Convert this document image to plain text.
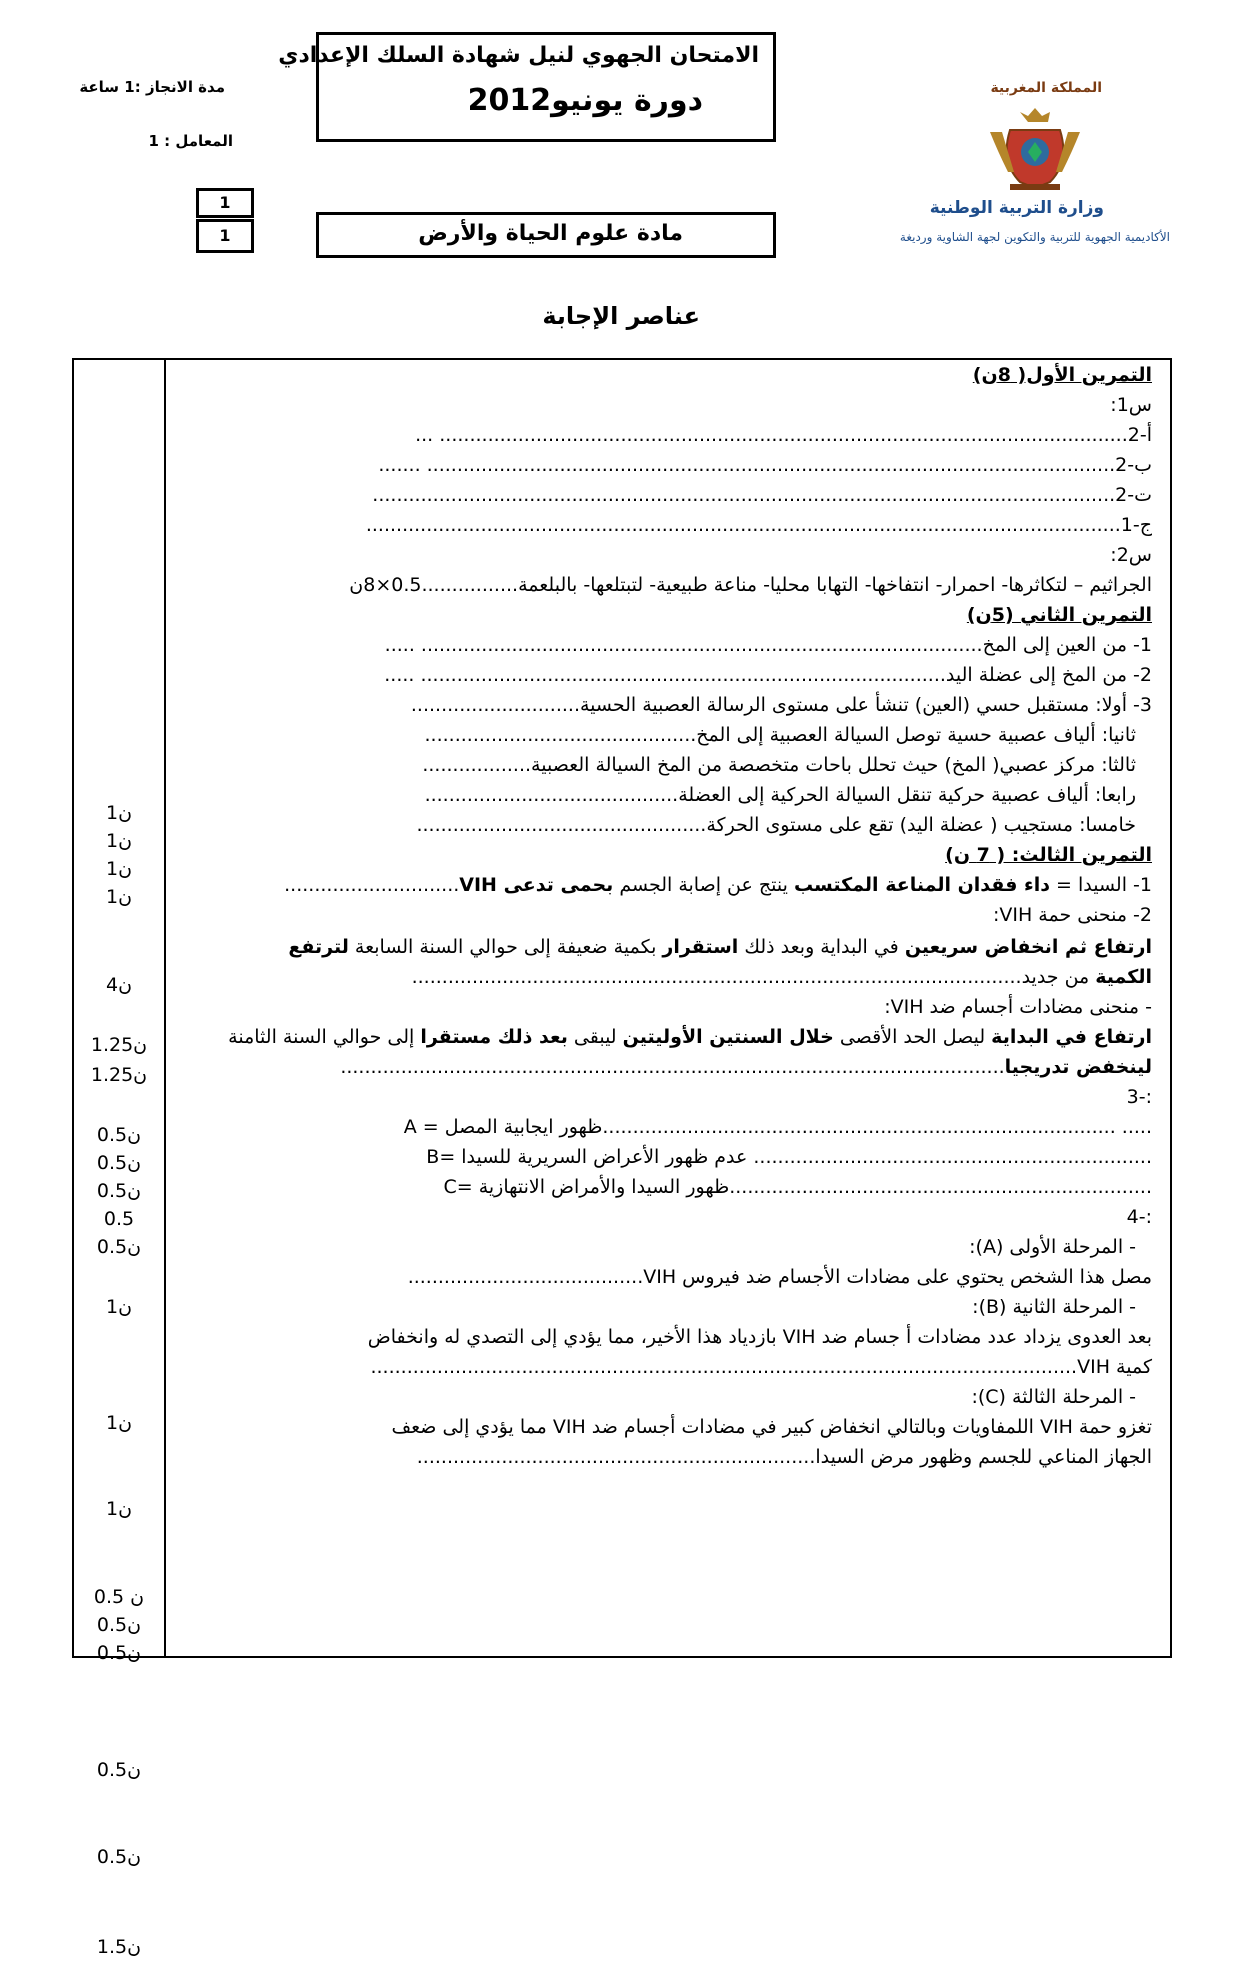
مدة الانجاز :1 ساعة
المعامل : 1
1
1
الامتحان الجهوي لنيل شهادة السلك الإعدادي
دورة يونيو2012
مادة علوم الحياة والأرض
المملكة المغربية
وزارة التربية الوطنية
الأكاديمية الجهوية للتربية والتكوين لجهة الشاوية ورديغة
عناصر الإجابة
1ن
1ن
1ن
1ن
4ن
1.25ن
1.25ن
0.5ن
0.5ن
0.5ن
0.5
0.5ن
1ن
1ن
1ن
0.5 ن
0.5ن
0.5ن
0.5ن
0.5ن
1.5ن
التمرين الأول( 8ن)
س1:
أ-2.................................................................................................................. ...
ب-2.................................................................................................................. .......
ت-2...........................................................................................................................
ج-1.............................................................................................................................
س2:
الجراثيم – لتكاثرها- احمرار- انتفاخها- التهابا محليا- مناعة طبيعية- لتبتلعها- بالبلعمة................0.5×8ن
التمرين الثاني (5ن)
1- من العين إلى المخ............................................................................................. .....
2- من المخ إلى عضلة اليد....................................................................................... .....
3- أولا: مستقبل حسي (العين) تنشأ على مستوى الرسالة العصبية الحسية............................
ثانيا: ألياف عصبية حسية توصل السيالة العصبية إلى المخ.............................................
ثالثا: مركز عصبي( المخ) حيث تحلل باحات متخصصة من المخ السيالة العصبية..................
رابعا: ألياف عصبية حركية تنقل السيالة الحركية إلى العضلة..........................................
خامسا: مستجيب ( عضلة اليد) تقع على مستوى الحركة................................................
التمرين الثالث: ( 7 ن)
1- السيدا = داء فقدان المناعة المكتسب ينتج عن إصابة الجسم بحمى تدعى VIH.............................
2- منحنى حمة VIH:
ارتفاع ثم انخفاض سريعين في البداية وبعد ذلك استقرار بكمية ضعيفة إلى حوالي السنة السابعة لترتفع
الكمية من جديد.....................................................................................................
- منحنى مضادات أجسام ضد VIH:
ارتفاع في البداية ليصل الحد الأقصى خلال السنتين الأوليتين ليبقى بعد ذلك مستقرا إلى حوالي السنة الثامنة
لينخفض تدريجيا..............................................................................................................
3-:
A = ظهور ايجابية المصل..................................................................................... .....
B= عدم ظهور الأعراض السريرية للسيدا ..................................................................
C= ظهور السيدا والأمراض الانتهازية......................................................................
4-:
- المرحلة الأولى (A):
مصل هذا الشخص يحتوي على مضادات الأجسام ضد فيروس VIH.......................................
- المرحلة الثانية (B):
بعد العدوى يزداد عدد مضادات أ جسام ضد VIH بازدياد هذا الأخير، مما يؤدي إلى التصدي له وانخفاض
كمية VIH.....................................................................................................................
- المرحلة الثالثة (C):
تغزو حمة VIH اللمفاويات وبالتالي انخفاض كبير في مضادات أجسام ضد VIH مما يؤدي إلى ضعف
الجهاز المناعي للجسم وظهور مرض السيدا..................................................................
